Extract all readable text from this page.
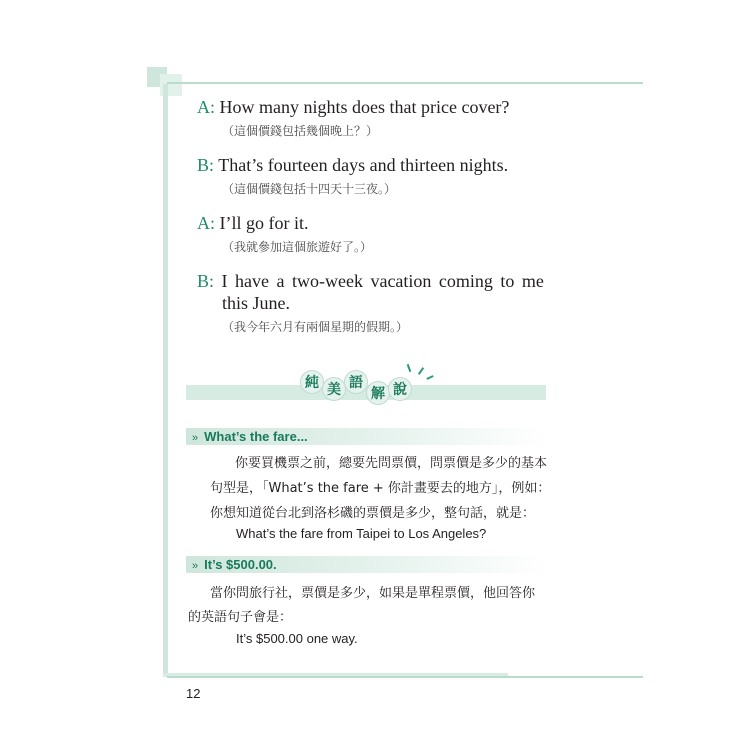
A: How many nights does that price cover?
（這個價錢包括幾個晚上？）
B: That’s fourteen days and thirteen nights.
（這個價錢包括十四天十三夜。）
A: I’ll go for it.
（我就參加這個旅遊好了。）
B: I have a two-week vacation coming to me
this June.
（我今年六月有兩個星期的假期。）
純 美 語
解 說
» What’s the fare...
你要買機票之前，總要先問票價，問票價是多少的基本
句型是，「What’s the fare + 你計畫要去的地方」，例如：
你想知道從台北到洛杉磯的票價是多少，整句話，就是：
What’s the fare from Taipei to Los Angeles?
» It’s $500.00.
當你問旅行社，票價是多少，如果是單程票價，他回答你
的英語句子會是：
It’s $500.00 one way.
12
